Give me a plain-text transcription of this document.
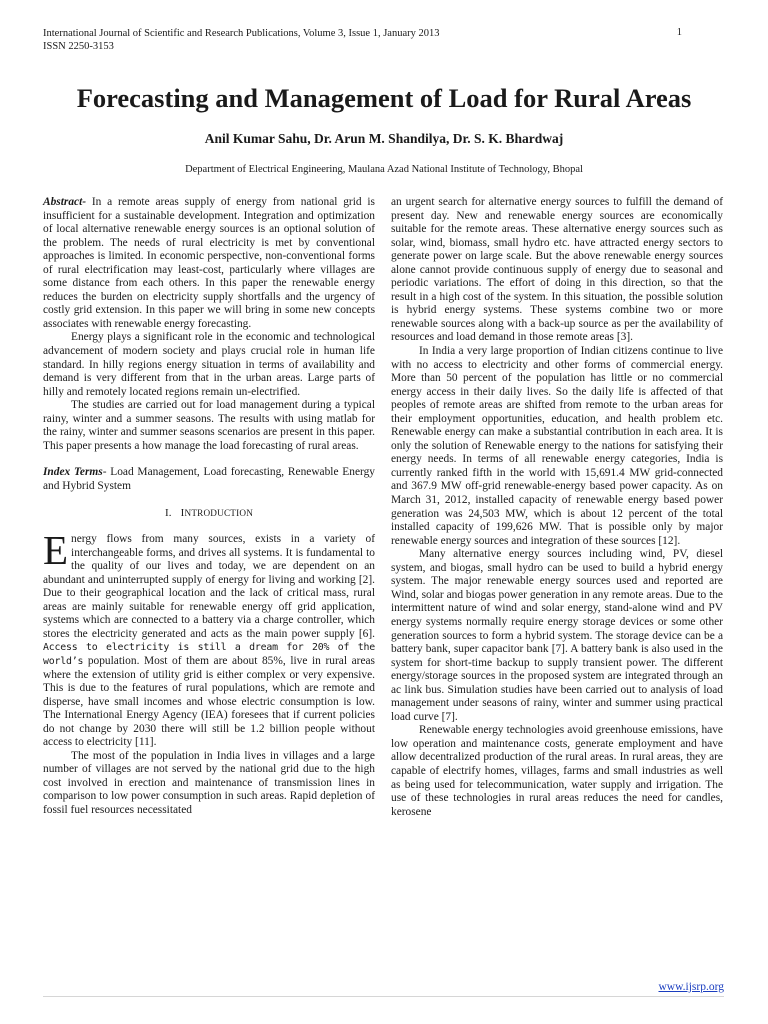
International Journal of Scientific and Research Publications, Volume 3, Issue 1, January 2013
ISSN 2250-3153
1
Forecasting and Management of Load for Rural Areas
Anil Kumar Sahu, Dr. Arun M. Shandilya, Dr. S. K. Bhardwaj
Department of Electrical Engineering, Maulana Azad National Institute of Technology, Bhopal

Abstract- In a remote areas supply of energy from national grid is insufficient for a sustainable development. Integration and optimization of local alternative renewable energy sources is an optional solution of the problem. The needs of rural electricity is met by conventional approaches is limited. In economic perspective, non-conventional forms of rural electrification may least-cost, particularly where villages are some distance from each others. In this paper the renewable energy reduces the burden on electricity supply shortfalls and the urgency of costly grid extension. In this paper we will bring in some new concepts associates with renewable energy forecasting.

Energy plays a significant role in the economic and technological advancement of modern society and plays crucial role in human life standard. In hilly regions energy situation in terms of availability and demand is very different from that in the urban areas. Large parts of hilly and remotely located regions remain un-electrified.

The studies are carried out for load management during a typical rainy, winter and a summer seasons. The results with using matlab for the rainy, winter and summer seasons scenarios are present in this paper. This paper presents a how manage the load forecasting of rural areas.

Index Terms- Load Management, Load forecasting, Renewable Energy and Hybrid System

I. INTRODUCTION

Energy flows from many sources, exists in a variety of interchangeable forms, and drives all systems. It is fundamental to the quality of our lives and today, we are dependent on an abundant and uninterrupted supply of energy for living and working [2]. Due to their geographical location and the lack of critical mass, rural areas are mainly suitable for renewable energy off grid application, systems which are connected to a battery via a charge controller, which stores the electricity generated and acts as the main power supply [6]. Access to electricity is still a dream for 20% of the world’s population. Most of them are about 85%, live in rural areas where the extension of utility grid is either complex or very expensive. This is due to the features of rural populations, which are remote and disperse, have small incomes and whose electric consumption is low. The International Energy Agency (IEA) foresees that if current policies do not change by 2030 there will still be 1.2 billion people without access to electricity [11].

The most of the population in India lives in villages and a large number of villages are not served by the national grid due to the high cost involved in erection and maintenance of transmission lines in comparison to low power consumption in such areas. Rapid depletion of fossil fuel resources necessitated

an urgent search for alternative energy sources to fulfill the demand of present day. New and renewable energy sources are economically suitable for the remote areas. These alternative energy sources such as solar, wind, biomass, small hydro etc. have attracted energy sectors to generate power on large scale. But the above renewable energy sources alone cannot provide continuous supply of energy due to seasonal and periodic variations. The effort of doing in this direction, so that the result in a high cost of the system. In this situation, the possible solution is hybrid energy systems. These systems combine two or more renewable sources along with a back-up source as per the availability of resources and load demand in those remote areas [3].

In India a very large proportion of Indian citizens continue to live with no access to electricity and other forms of commercial energy. More than 50 percent of the population has little or no commercial energy access in their daily lives. So the daily life is affected of that peoples of remote areas are shifted from remote to the urban areas for their employment opportunities, education, and health problem etc. Renewable energy can make a substantial contribution in each area. It is only the solution of Renewable energy to the nations for satisfying their energy needs. In terms of all renewable energy categories, India is currently ranked fifth in the world with 15,691.4 MW grid-connected and 367.9 MW off-grid renewable-energy based power capacity. As on March 31, 2012, installed capacity of renewable energy based power generation was 24,503 MW, which is about 12 percent of the total installed capacity of 199,626 MW. That is possible only by major renewable energy sources and integration of these sources [12].

Many alternative energy sources including wind, PV, diesel system, and biogas, small hydro can be used to build a hybrid energy system. The major renewable energy sources used and reported are Wind, solar and biogas power generation in any remote areas. Due to the intermittent nature of wind and solar energy, stand-alone wind and PV energy systems normally require energy storage devices or some other generation sources to form a hybrid system. The storage device can be a battery bank, super capacitor bank [7]. A battery bank is also used in the system for short-time backup to supply transient power. The different energy/storage sources in the proposed system are integrated through an ac link bus. Simulation studies have been carried out to analysis of load management under seasons of rainy, winter and summer using practical load curve [7].

Renewable energy technologies avoid greenhouse emissions, have low operation and maintenance costs, generate employment and have allow decentralized production of the rural areas. In rural areas, they are capable of electrify homes, villages, farms and small industries as well as being used for telecommunication, water supply and irrigation. The use of these technologies in rural areas reduces the need for candles, kerosene

www.ijsrp.org
